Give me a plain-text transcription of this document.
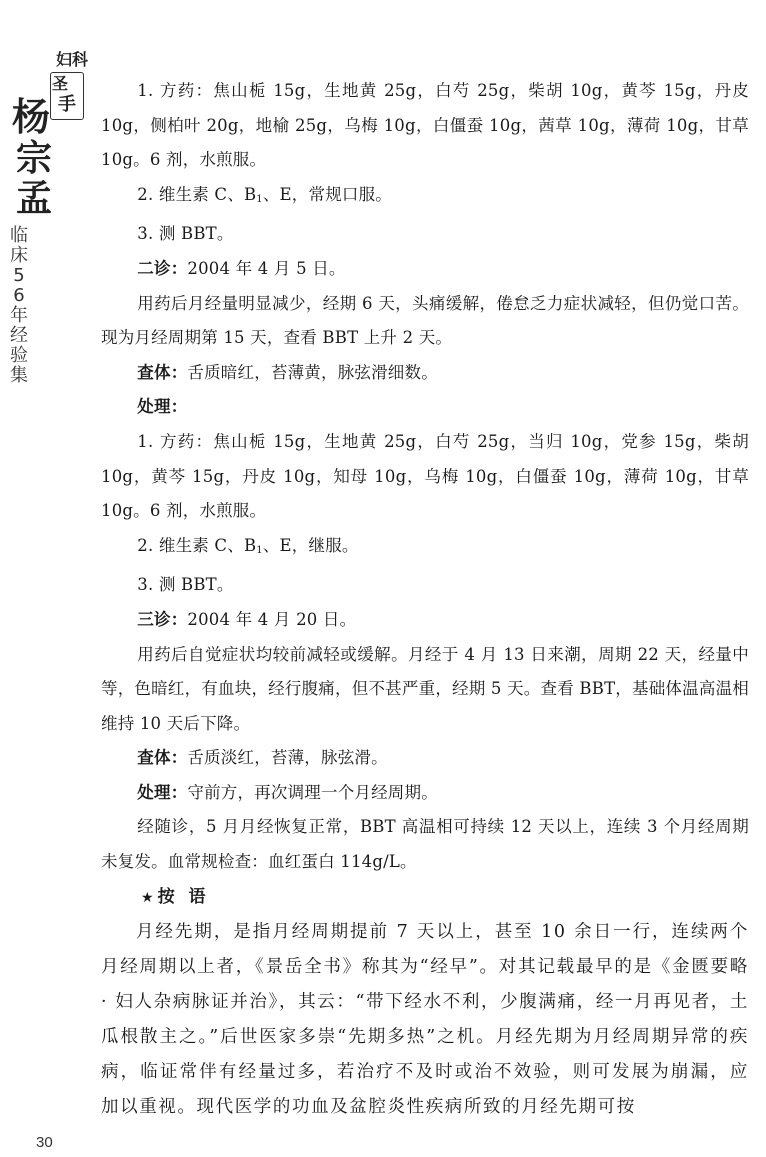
妇科
圣
手
杨
宗
孟
临床56年经验集

1. 方药：焦山栀 15g，生地黄 25g，白芍 25g，柴胡 10g，黄芩 15g，丹皮 10g，侧柏叶 20g，地榆 25g，乌梅 10g，白僵蚕 10g，茜草 10g，薄荷 10g，甘草 10g。6 剂，水煎服。

2. 维生素 C、$B_1$、E，常规口服。

3. 测 BBT。

二诊：2004 年 4 月 5 日。

用药后月经量明显减少，经期 6 天，头痛缓解，倦怠乏力症状减轻，但仍觉口苦。现为月经周期第 15 天，查看 BBT 上升 2 天。

查体：舌质暗红，苔薄黄，脉弦滑细数。

处理：

1. 方药：焦山栀 15g，生地黄 25g，白芍 25g，当归 10g，党参 15g，柴胡 10g，黄芩 15g，丹皮 10g，知母 10g，乌梅 10g，白僵蚕 10g，薄荷 10g，甘草 10g。6 剂，水煎服。

2. 维生素 C、$B_1$、E，继服。

3. 测 BBT。

三诊：2004 年 4 月 20 日。

用药后自觉症状均较前减轻或缓解。月经于 4 月 13 日来潮，周期 22 天，经量中等，色暗红，有血块，经行腹痛，但不甚严重，经期 5 天。查看 BBT，基础体温高温相维持 10 天后下降。

查体：舌质淡红，苔薄，脉弦滑。

处理：守前方，再次调理一个月经周期。

经随诊，5 月月经恢复正常，BBT 高温相可持续 12 天以上，连续 3 个月经周期未复发。血常规检查：血红蛋白 114g/L。

★ 按语

月经先期，是指月经周期提前 7 天以上，甚至 10 余日一行，连续两个月经周期以上者，《景岳全书》称其为“经早”。对其记载最早的是《金匮要略 · 妇人杂病脉证并治》，其云：“带下经水不利，少腹满痛，经一月再见者，土瓜根散主之。”后世医家多崇“先期多热”之机。月经先期为月经周期异常的疾病，临证常伴有经量过多，若治疗不及时或治不效验，则可发展为崩漏，应加以重视。现代医学的功血及盆腔炎性疾病所致的月经先期可按

30
